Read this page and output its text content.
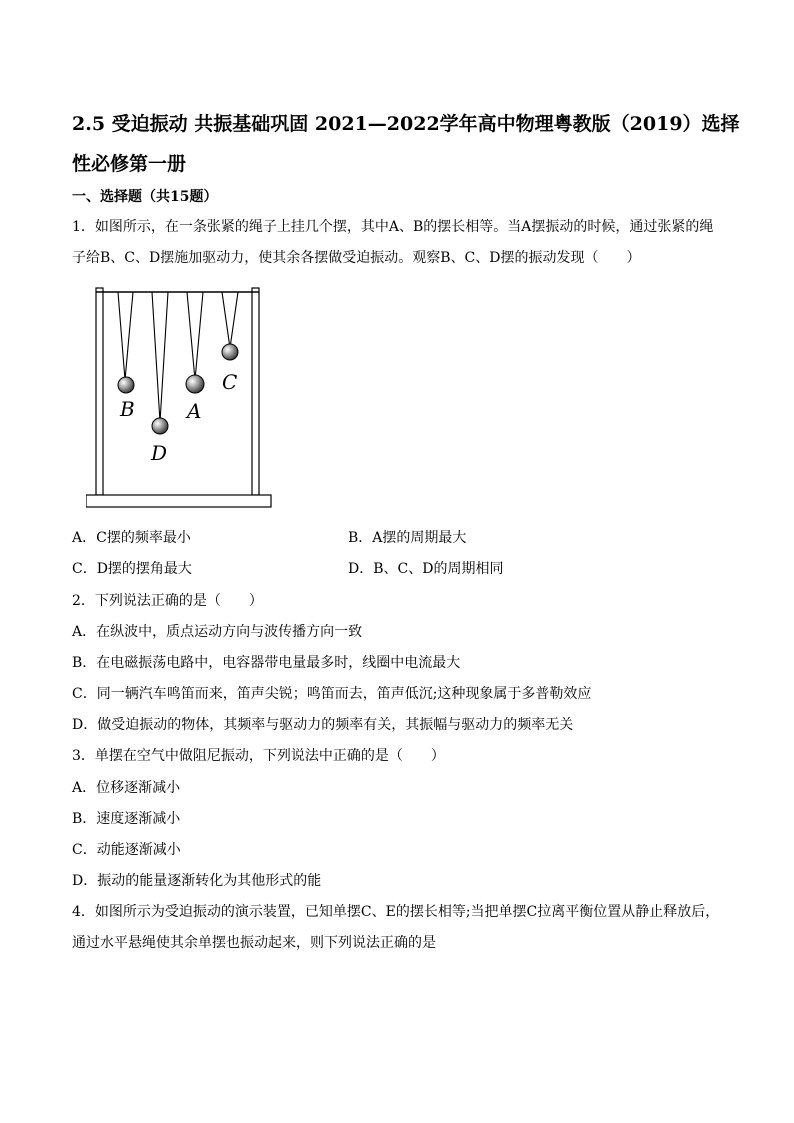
2.5 受迫振动 共振基础巩固 2021—2022学年高中物理粤教版（2019）选择性必修第一册
一、选择题（共15题）
1．如图所示，在一条张紧的绳子上挂几个摆，其中A、B的摆长相等。当A摆振动的时候，通过张紧的绳
子给B、C、D摆施加驱动力，使其余各摆做受迫振动。观察B、C、D摆的振动发现（　　）
B
D
A
C
A．C摆的频率最小	B．A摆的周期最大
C．D摆的摆角最大	D．B、C、D的周期相同
2．下列说法正确的是（　　）
A．在纵波中，质点运动方向与波传播方向一致
B．在电磁振荡电路中，电容器带电量最多时，线圈中电流最大
C．同一辆汽车鸣笛而来，笛声尖锐；鸣笛而去，笛声低沉;这种现象属于多普勒效应
D．做受迫振动的物体，其频率与驱动力的频率有关，其振幅与驱动力的频率无关
3．单摆在空气中做阻尼振动，下列说法中正确的是（　　）
A．位移逐渐减小
B．速度逐渐减小
C．动能逐渐减小
D．振动的能量逐渐转化为其他形式的能
4．如图所示为受迫振动的演示装置，已知单摆C、E的摆长相等;当把单摆C拉离平衡位置从静止释放后，
通过水平悬绳使其余单摆也振动起来，则下列说法正确的是
